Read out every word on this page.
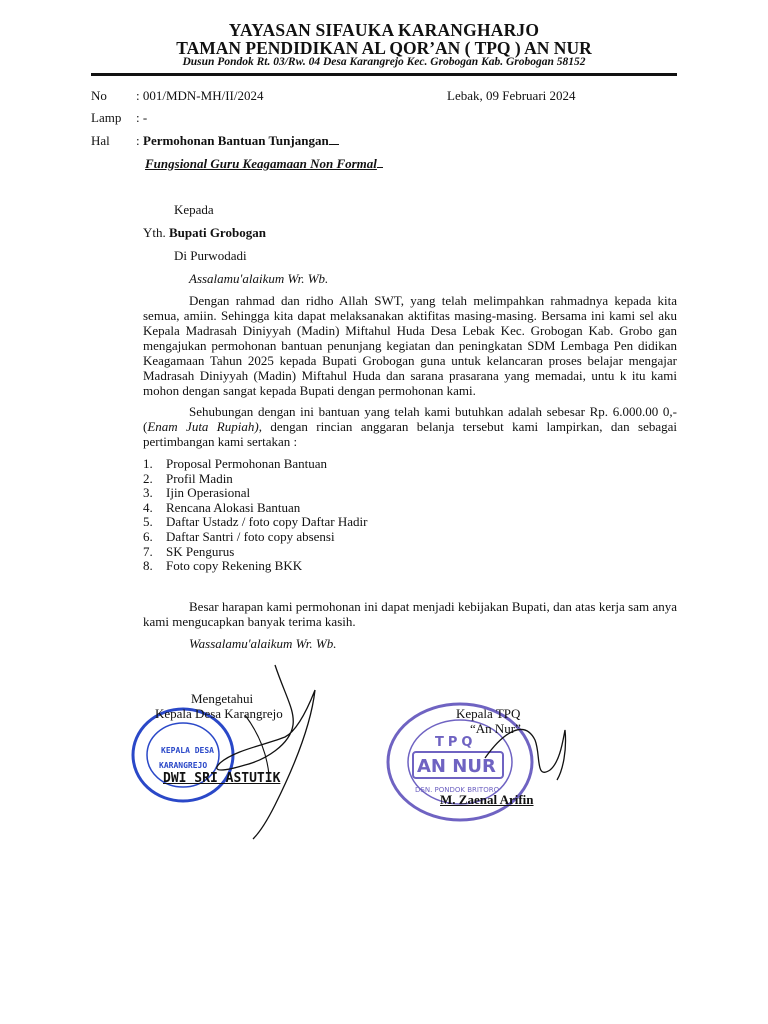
YAYASAN SIFAUKA KARANGHARJO
TAMAN PENDIDIKAN AL QOR’AN ( TPQ ) AN NUR
Dusun Pondok Rt. 03/Rw. 04 Desa Karangrejo Kec. Grobogan Kab. Grobogan 58152
No : 001/MDN-MH/II/2024	Lebak, 09 Februari 2024
Lamp : -
Hal : Permohonan Bantuan Tunjangan
Fungsional Guru Keagamaan Non Formal
Kepada
Yth. Bupati Grobogan
Di Purwodadi
Assalamu'alaikum Wr. Wb.
Dengan rahmad dan ridho Allah SWT, yang telah melimpahkan rahmadnya kepada kita semua, amiin. Sehingga kita dapat melaksanakan aktifitas masing-masing. Bersama ini kami sel aku Kepala Madrasah Diniyyah (Madin) Miftahul Huda Desa Lebak Kec. Grobogan Kab. Grobo gan mengajukan permohonan bantuan penunjang kegiatan dan peningkatan SDM Lembaga Pen didikan Keagamaan Tahun 2025 kepada Bupati Grobogan guna untuk kelancaran proses belajar mengajar Madrasah Diniyyah (Madin) Miftahul Huda dan sarana prasarana yang memadai, untu k itu kami mohon dengan sangat kepada Bupati dengan permohonan kami.
Sehubungan dengan ini bantuan yang telah kami butuhkan adalah sebesar Rp. 6.000.00 0,- (Enam Juta Rupiah), dengan rincian anggaran belanja tersebut kami lampirkan, dan sebagai pertimbangan kami sertakan :
1. Proposal Permohonan Bantuan
2. Profil Madin
3. Ijin Operasional
4. Rencana Alokasi Bantuan
5. Daftar Ustadz / foto copy Daftar Hadir
6. Daftar Santri / foto copy absensi
7. SK Pengurus
8. Foto copy Rekening BKK
Besar harapan kami permohonan ini dapat menjadi kebijakan Bupati, dan atas kerja sam anya kami mengucapkan banyak terima kasih.
Wassalamu'alaikum Wr. Wb.
KEPALA DESA
KARANGREJO
Mengetahui
Kepala Desa Karangrejo
DWI SRI ASTUTIK
TPQ
AN NUR
DSN. PONDOK BRITORO
Kepala TPQ
“An Nur”
M. Zaenal Arifin
